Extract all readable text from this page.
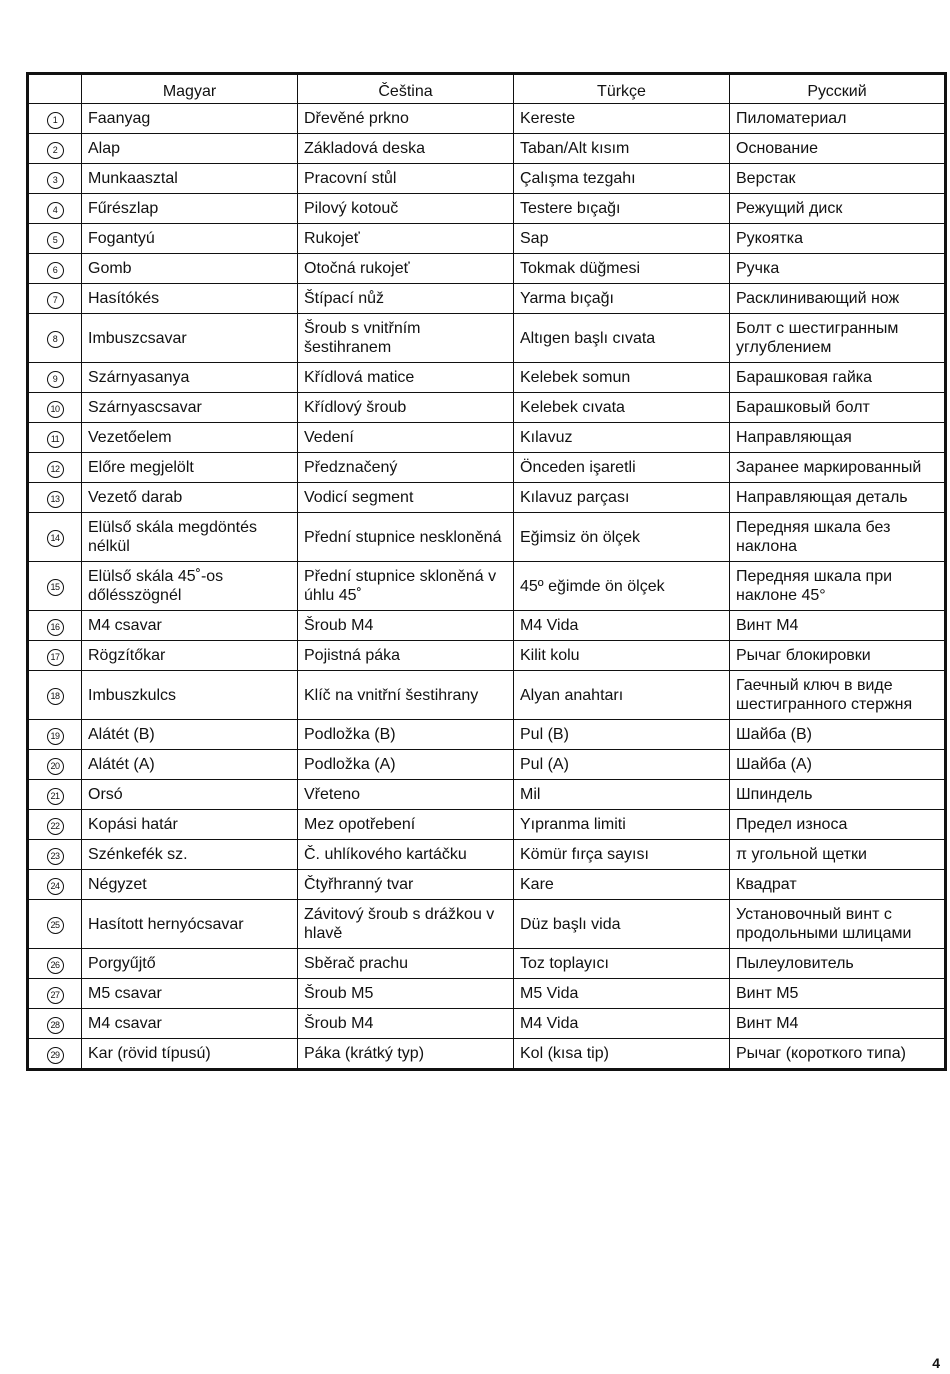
	Magyar	Čeština	Türkçe	Русский
1	Faanyag	Dřevěné prkno	Kereste	Пиломатериал
2	Alap	Základová deska	Taban/Alt kısım	Основание
3	Munkaasztal	Pracovní stůl	Çalışma tezgahı	Верстак
4	Fűrészlap	Pilový kotouč	Testere bıçağı	Режущий диск
5	Fogantyú	Rukojeť	Sap	Рукоятка
6	Gomb	Otočná rukojeť	Tokmak düğmesi	Ручка
7	Hasítókés	Štípací nůž	Yarma bıçağı	Расклинивающий нож
8	Imbuszcsavar	Šroub s vnitřním šestihranem	Altıgen başlı cıvata	Болт с шестигранным углублением
9	Szárnyasanya	Křídlová matice	Kelebek somun	Барашковая гайка
10	Szárnyascsavar	Křídlový šroub	Kelebek cıvata	Барашковый болт
11	Vezetőelem	Vedení	Kılavuz	Направляющая
12	Előre megjelölt	Předznačený	Önceden işaretli	Заранее маркированный
13	Vezető darab	Vodicí segment	Kılavuz parçası	Направляющая деталь
14	Elülső skála megdöntés nélkül	Přední stupnice neskloněná	Eğimsiz ön ölçek	Передняя шкала без наклона
15	Elülső skála 45˚-os dőlésszögnél	Přední stupnice skloněná v úhlu 45˚	45º eğimde ön ölçek	Передняя шкала при наклоне 45°
16	M4 csavar	Šroub M4	M4 Vida	Винт M4
17	Rögzítőkar	Pojistná páka	Kilit kolu	Рычаг блокировки
18	Imbuszkulcs	Klíč na vnitřní šestihrany	Alyan anahtarı	Гаечный ключ в виде шестигранного стержня
19	Alátét (B)	Podložka (B)	Pul (B)	Шайба (B)
20	Alátét (A)	Podložka (A)	Pul (A)	Шайба (A)
21	Orsó	Vřeteno	Mil	Шпиндель
22	Kopási határ	Mez opotřebení	Yıpranma limiti	Предел износа
23	Szénkefék sz.	Č. uhlíkového kartáčku	Kömür fırça sayısı	π угольной щетки
24	Négyzet	Čtyřhranný tvar	Kare	Квадрат
25	Hasított hernyócsavar	Závitový šroub s drážkou v hlavě	Düz başlı vida	Установочный винт с продольными шлицами
26	Porgyűjtő	Sběrač prachu	Toz toplayıcı	Пылеуловитель
27	M5 csavar	Šroub M5	M5 Vida	Винт M5
28	M4 csavar	Šroub M4	M4 Vida	Винт M4
29	Kar (rövid típusú)	Páka (krátký typ)	Kol (kısa tip)	Рычаг (короткого типа)
4
